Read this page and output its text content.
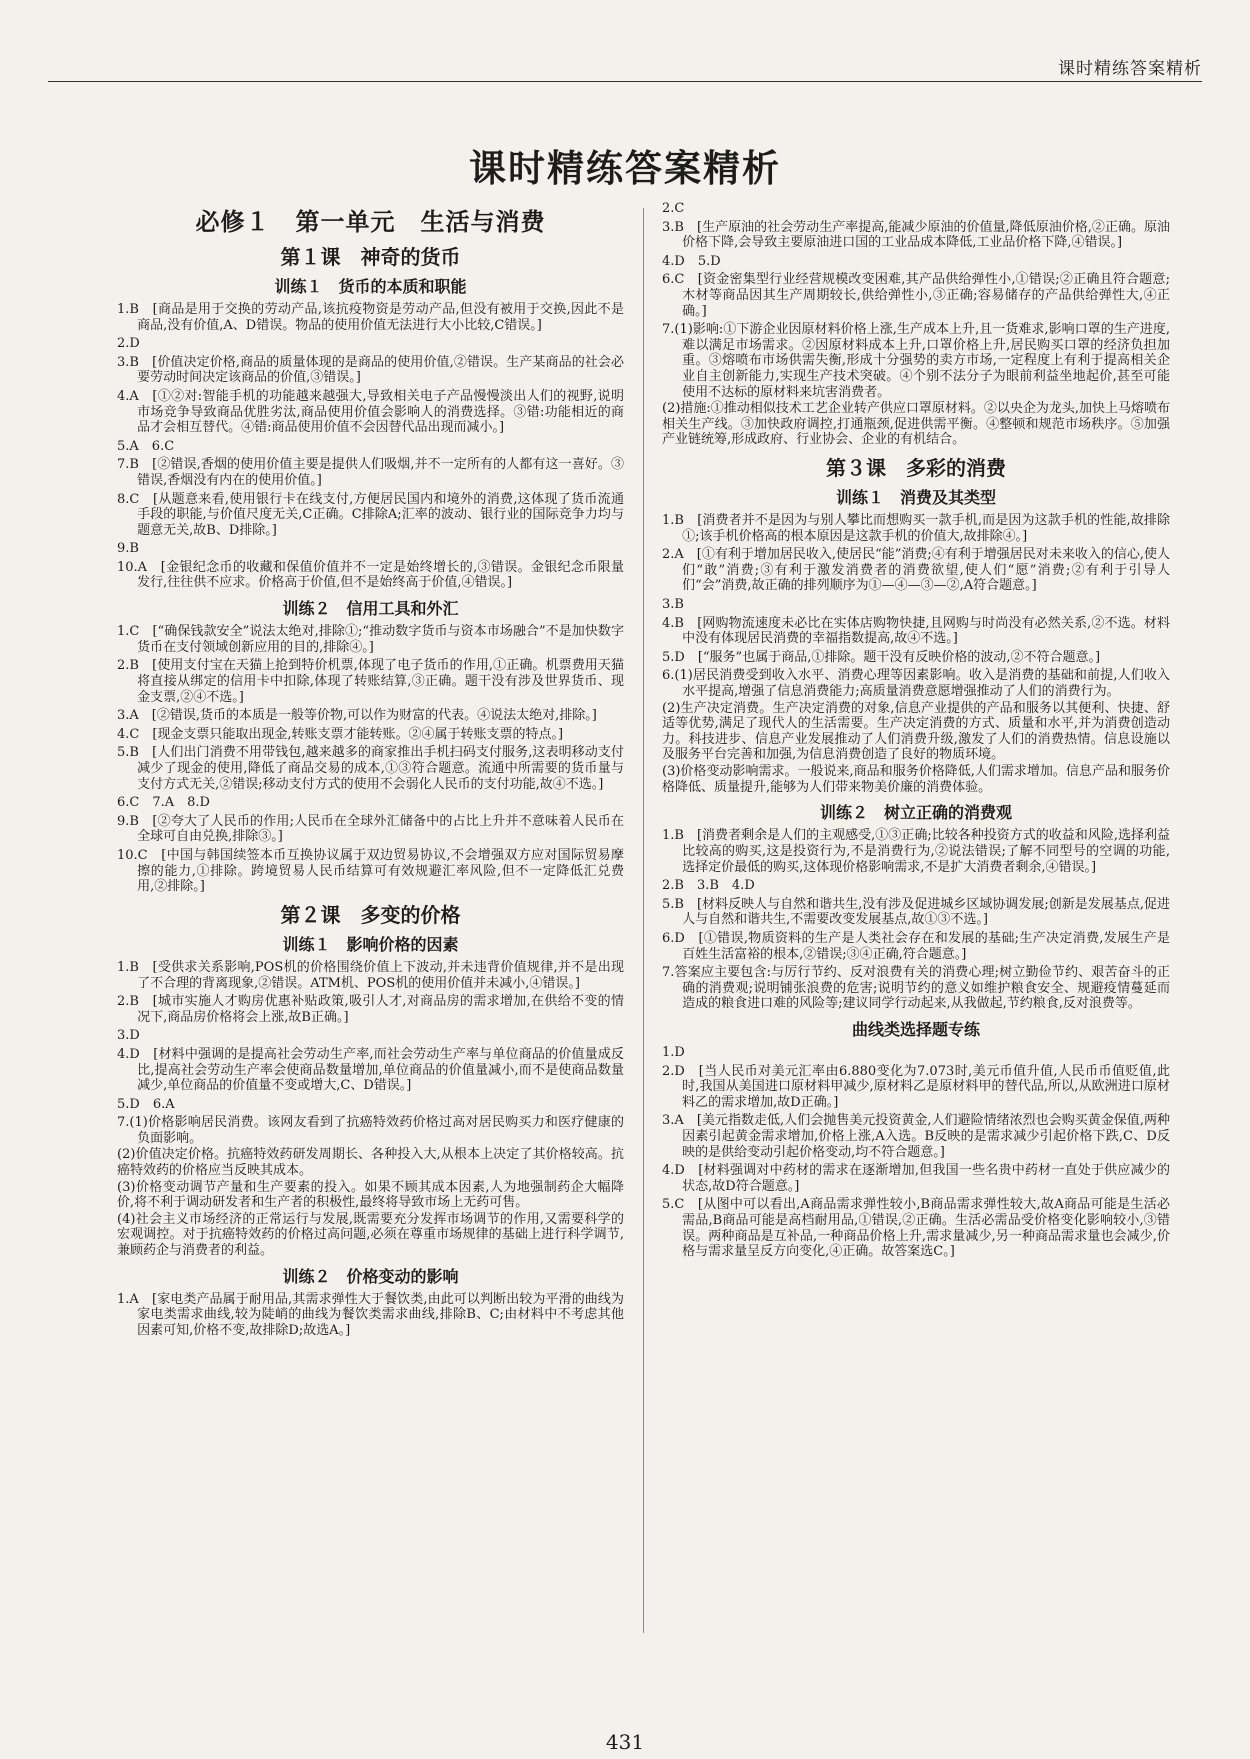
课时精练答案精析
课时精练答案精析
必修１　第一单元　生活与消费
第１课　神奇的货币
训练１　货币的本质和职能
1.B　[商品是用于交换的劳动产品,该抗疫物资是劳动产品,但没有被用于交换,因此不是商品,没有价值,A、D错误。物品的使用价值无法进行大小比较,C错误。]
2.D
3.B　[价值决定价格,商品的质量体现的是商品的使用价值,②错误。生产某商品的社会必要劳动时间决定该商品的价值,③错误。]
4.A　[①②对:智能手机的功能越来越强大,导致相关电子产品慢慢淡出人们的视野,说明市场竞争导致商品优胜劣汰,商品使用价值会影响人的消费选择。③错:功能相近的商品才会相互替代。④错:商品使用价值不会因替代品出现而减小。]
5.A　6.C
7.B　[②错误,香烟的使用价值主要是提供人们吸烟,并不一定所有的人都有这一喜好。③错误,香烟没有内在的使用价值。]
8.C　[从题意来看,使用银行卡在线支付,方便居民国内和境外的消费,这体现了货币流通手段的职能,与价值尺度无关,C正确。C排除A;汇率的波动、银行业的国际竞争力均与题意无关,故B、D排除。]
9.B
10.A　[金银纪念币的收藏和保值价值并不一定是始终增长的,③错误。金银纪念币限量发行,往往供不应求。价格高于价值,但不是始终高于价值,④错误。]
训练２　信用工具和外汇
1.C　[“确保钱款安全”说法太绝对,排除①;“推动数字货币与资本市场融合”不是加快数字货币在支付领域创新应用的目的,排除④。]
2.B　[使用支付宝在天猫上抢到特价机票,体现了电子货币的作用,①正确。机票费用天猫将直接从绑定的信用卡中扣除,体现了转账结算,③正确。题干没有涉及世界货币、现金支票,②④不选。]
3.A　[②错误,货币的本质是一般等价物,可以作为财富的代表。④说法太绝对,排除。]
4.C　[现金支票只能取出现金,转账支票才能转账。②④属于转账支票的特点。]
5.B　[人们出门消费不用带钱包,越来越多的商家推出手机扫码支付服务,这表明移动支付减少了现金的使用,降低了商品交易的成本,①③符合题意。流通中所需要的货币量与支付方式无关,②错误;移动支付方式的使用不会弱化人民币的支付功能,故④不选。]
6.C　7.A　8.D
9.B　[②夸大了人民币的作用;人民币在全球外汇储备中的占比上升并不意味着人民币在全球可自由兑换,排除③。]
10.C　[中国与韩国续签本币互换协议属于双边贸易协议,不会增强双方应对国际贸易摩擦的能力,①排除。跨境贸易人民币结算可有效规避汇率风险,但不一定降低汇兑费用,②排除。]
第２课　多变的价格
训练１　影响价格的因素
1.B　[受供求关系影响,POS机的价格围绕价值上下波动,并未违背价值规律,并不是出现了不合理的背离现象,②错误。ATM机、POS机的使用价值并未减小,④错误。]
2.B　[城市实施人才购房优惠补贴政策,吸引人才,对商品房的需求增加,在供给不变的情况下,商品房价格将会上涨,故B正确。]
3.D
4.D　[材料中强调的是提高社会劳动生产率,而社会劳动生产率与单位商品的价值量成反比,提高社会劳动生产率会使商品数量增加,单位商品的价值量减小,而不是使商品数量减少,单位商品的价值量不变或增大,C、D错误。]
5.D　6.A
7.(1)价格影响居民消费。该网友看到了抗癌特效药价格过高对居民购买力和医疗健康的负面影响。
(2)价值决定价格。抗癌特效药研发周期长、各种投入大,从根本上决定了其价格较高。抗癌特效药的价格应当反映其成本。
(3)价格变动调节产量和生产要素的投入。如果不顾其成本因素,人为地强制药企大幅降价,将不利于调动研发者和生产者的积极性,最终将导致市场上无药可售。
(4)社会主义市场经济的正常运行与发展,既需要充分发挥市场调节的作用,又需要科学的宏观调控。对于抗癌特效药的价格过高问题,必须在尊重市场规律的基础上进行科学调节,兼顾药企与消费者的利益。
训练２　价格变动的影响
1.A　[家电类产品属于耐用品,其需求弹性大于餐饮类,由此可以判断出较为平滑的曲线为家电类需求曲线,较为陡峭的曲线为餐饮类需求曲线,排除B、C;由材料中不考虑其他因素可知,价格不变,故排除D;故选A。]
2.C
3.B　[生产原油的社会劳动生产率提高,能减少原油的价值量,降低原油价格,②正确。原油价格下降,会导致主要原油进口国的工业品成本降低,工业品价格下降,④错误。]
4.D　5.D
6.C　[资金密集型行业经营规模改变困难,其产品供给弹性小,①错误;②正确且符合题意;木材等商品因其生产周期较长,供给弹性小,③正确;容易储存的产品供给弹性大,④正确。]
7.(1)影响:①下游企业因原材料价格上涨,生产成本上升,且一货难求,影响口罩的生产进度,难以满足市场需求。②因原材料成本上升,口罩价格上升,居民购买口罩的经济负担加重。③熔喷布市场供需失衡,形成十分强势的卖方市场,一定程度上有利于提高相关企业自主创新能力,实现生产技术突破。④个别不法分子为眼前利益坐地起价,甚至可能使用不达标的原材料来坑害消费者。
(2)措施:①推动相似技术工艺企业转产供应口罩原材料。②以央企为龙头,加快上马熔喷布相关生产线。③加快政府调控,打通瓶颈,促进供需平衡。④整顿和规范市场秩序。⑤加强产业链统筹,形成政府、行业协会、企业的有机结合。
第３课　多彩的消费
训练１　消费及其类型
1.B　[消费者并不是因为与别人攀比而想购买一款手机,而是因为这款手机的性能,故排除①;该手机价格高的根本原因是这款手机的价值大,故排除④。]
2.A　[①有利于增加居民收入,使居民“能”消费;④有利于增强居民对未来收入的信心,使人们“敢”消费;③有利于激发消费者的消费欲望,使人们“愿”消费;②有利于引导人们“会”消费,故正确的排列顺序为①—④—③—②,A符合题意。]
3.B
4.B　[网购物流速度未必比在实体店购物快捷,且网购与时尚没有必然关系,②不选。材料中没有体现居民消费的幸福指数提高,故④不选。]
5.D　[“服务”也属于商品,①排除。题干没有反映价格的波动,②不符合题意。]
6.(1)居民消费受到收入水平、消费心理等因素影响。收入是消费的基础和前提,人们收入水平提高,增强了信息消费能力;高质量消费意愿增强推动了人们的消费行为。
(2)生产决定消费。生产决定消费的对象,信息产业提供的产品和服务以其便利、快捷、舒适等优势,满足了现代人的生活需要。生产决定消费的方式、质量和水平,并为消费创造动力。科技进步、信息产业发展推动了人们消费升级,激发了人们的消费热情。信息设施以及服务平台完善和加强,为信息消费创造了良好的物质环境。
(3)价格变动影响需求。一般说来,商品和服务价格降低,人们需求增加。信息产品和服务价格降低、质量提升,能够为人们带来物美价廉的消费体验。
训练２　树立正确的消费观
1.B　[消费者剩余是人们的主观感受,①③正确;比较各种投资方式的收益和风险,选择利益比较高的购买,这是投资行为,不是消费行为,②说法错误;了解不同型号的空调的功能,选择定价最低的购买,这体现价格影响需求,不是扩大消费者剩余,④错误。]
2.B　3.B　4.D
5.B　[材料反映人与自然和谐共生,没有涉及促进城乡区域协调发展;创新是发展基点,促进人与自然和谐共生,不需要改变发展基点,故①③不选。]
6.D　[①错误,物质资料的生产是人类社会存在和发展的基础;生产决定消费,发展生产是百姓生活富裕的根本,②错误;③④正确,符合题意。]
7.答案应主要包含:与厉行节约、反对浪费有关的消费心理;树立勤俭节约、艰苦奋斗的正确的消费观;说明铺张浪费的危害;说明节约的意义如维护粮食安全、规避疫情蔓延而造成的粮食进口难的风险等;建议同学行动起来,从我做起,节约粮食,反对浪费等。
曲线类选择题专练
1.D
2.D　[当人民币对美元汇率由6.880变化为7.073时,美元币值升值,人民币币值贬值,此时,我国从美国进口原材料甲减少,原材料乙是原材料甲的替代品,所以,从欧洲进口原材料乙的需求增加,故D正确。]
3.A　[美元指数走低,人们会抛售美元投资黄金,人们避险情绪浓烈也会购买黄金保值,两种因素引起黄金需求增加,价格上涨,A入选。B反映的是需求减少引起价格下跌,C、D反映的是供给变动引起价格变动,均不符合题意。]
4.D　[材料强调对中药材的需求在逐渐增加,但我国一些名贵中药材一直处于供应减少的状态,故D符合题意。]
5.C　[从图中可以看出,A商品需求弹性较小,B商品需求弹性较大,故A商品可能是生活必需品,B商品可能是高档耐用品,①错误,②正确。生活必需品受价格变化影响较小,③错误。两种商品是互补品,一种商品价格上升,需求量减少,另一种商品需求量也会减少,价格与需求量呈反方向变化,④正确。故答案选C。]
431
